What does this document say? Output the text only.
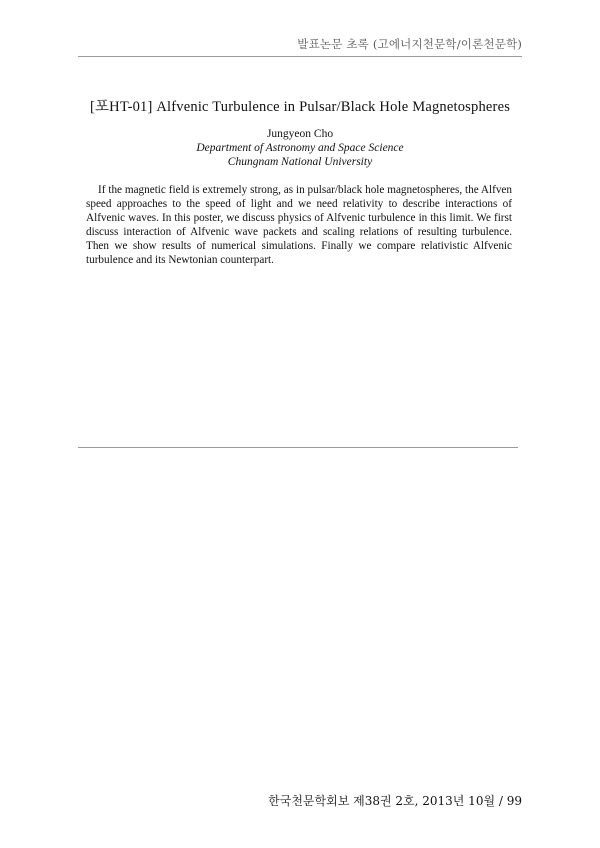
발표논문 초록 (고에너지천문학/이론천문학)
[포HT-01] Alfvenic Turbulence in Pulsar/Black Hole Magnetospheres
Jungyeon Cho
Department of Astronomy and Space Science
Chungnam National University
If the magnetic field is extremely strong, as in pulsar/black hole magnetospheres, the Alfven speed approaches to the speed of light and we need relativity to describe interactions of Alfvenic waves. In this poster, we discuss physics of Alfvenic turbulence in this limit. We first discuss interaction of Alfvenic wave packets and scaling relations of resulting turbulence. Then we show results of numerical simulations. Finally we compare relativistic Alfvenic turbulence and its Newtonian counterpart.
한국천문학회보 제38권 2호, 2013년 10월 / 99
